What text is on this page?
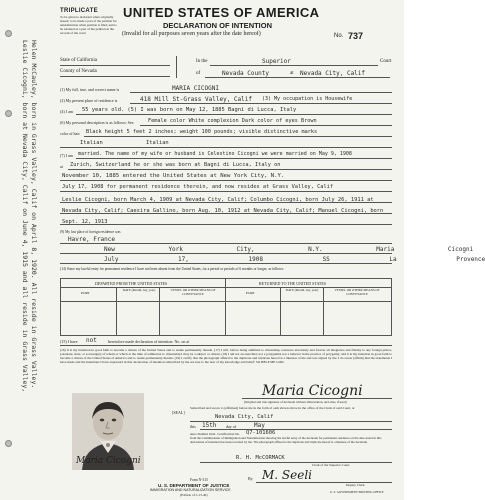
Leslie Cicogni, born at Nevada City, Calif on June 4, 1915 and all reside in Grass Valley, Helen McCauley, born in Grass Valley, Calif on April 8, 1920. All reside in Grass Valley.
TRIPLICATE
To be given to declarant when originally issued; to be made a part of the petition for naturalization when petition is filed; and to be retained as a part of the petition in the records of the court
UNITED STATES OF AMERICA
DECLARATION OF INTENTION
(Invalid for all purposes seven years after the date hereof)	No. 737
State of California
County of Nevada
In the	Superior	Court
of	Nevada County	at Nevada City, Calif
(1) My full, true, and correct name is	MARIA CICOGNI
(2) My present place of residence is	418 Mill St-Grass Valley, Calif (3) My occupation is Housewife
(4) I am 55 years old. (5) I was born on May 12, 1885 Bagni di Lucca, Italy
(6) My personal description is as follows: Sex	Female color White complexion Dark color of eyes Brown
color of hair Black height 5 feet 2 inches; weight 100 pounds; visible distinctive marks
Italian Italian
(7) I am married. The name of my wife or husband is Celestino Cicogni we were married on May 9, 1908
at Zurich, Switzerland he or she was born at Bagni di Lucca, Italy on
November 10, 1885 entered the United States at New York City, N.Y.
July 17, 1908 for permanent residence therein, and now resides at Grass Valley, Calif
Leslie Cicogni, born March 4, 1909 at Nevada City, Calif; Columbo Cicogni, born July 26, 1911 at Nevada City, Calif; Caesira Gallino, born Aug. 10, 1912 at Nevada City, Calif; Manuel Cicogni, born Sept. 12, 1913
(9) My last place of foreign residence was
Havre, France
New York City, N.Y. Maria Cicogni
July 17, 1908 SS La Provence
(14) Since my lawful entry for permanent residence I have not been absent from the United States, for a period or periods of 6 months or longer, as follows:
DEPARTED FROM THE UNITED STATES	RETURNED TO THE UNITED STATES
PORT
DATE (Month, day, year)	VESSEL OR OTHER MEANS OF CONVEYANCE	PORT
DATE (Month, day, year)	VESSEL OR OTHER MEANS OF CONVEYANCE
(15) I have not	heretofore made declaration of intention: No. on at
(16) It is my intention in good faith to become a citizen of the United States and to reside permanently therein. (17) I will, before being admitted to citizenship, renounce absolutely and forever all allegiance and fidelity to any foreign prince, potentate, state, or sovereignty of whom or which at the time of admission to citizenship I may be a subject or citizen. (18) I am not an anarchist; nor a polygamist nor a believer in the practice of polygamy; and it is my intention in good faith to become a citizen of the United States of America and to reside permanently therein. (19) I certify that the photograph affixed to the duplicate and triplicate hereof is a likeness of me and was signed by me. I do swear (affirm) that the statements I have made and the intentions I have expressed in this declaration of intention subscribed by me are true to the best of my knowledge and belief: SO HELP ME GOD.
Maria Cicogni
(Original and true signature of declarant without abbreviation, and alias, if used)
Subscribed and sworn to (affirmed) before me in the form of oath shown above in the office of the Clerk of said Court, at
Nevada City, Calif
this 15th day of	May
anno Domini 1941. Certification No. Q7-101606
from the Commissioner of Immigration and Naturalization showing the lawful entry of the declarant for permanent residence on the date stated in this declaration of intention has been received by me. The photograph affixed to the duplicate and triplicate hereof is a likeness of the declarant.
R. H. McCORMACK
Clerk of the Superior Court.
By M. Seeli
Deputy Clerk.
Maria Cicogni
[SEAL]
Form N-315
U. S. DEPARTMENT OF JUSTICE
IMMIGRATION AND NATURALIZATION SERVICE
(Edition of 5-13-40)
U. S. GOVERNMENT PRINTING OFFICE
